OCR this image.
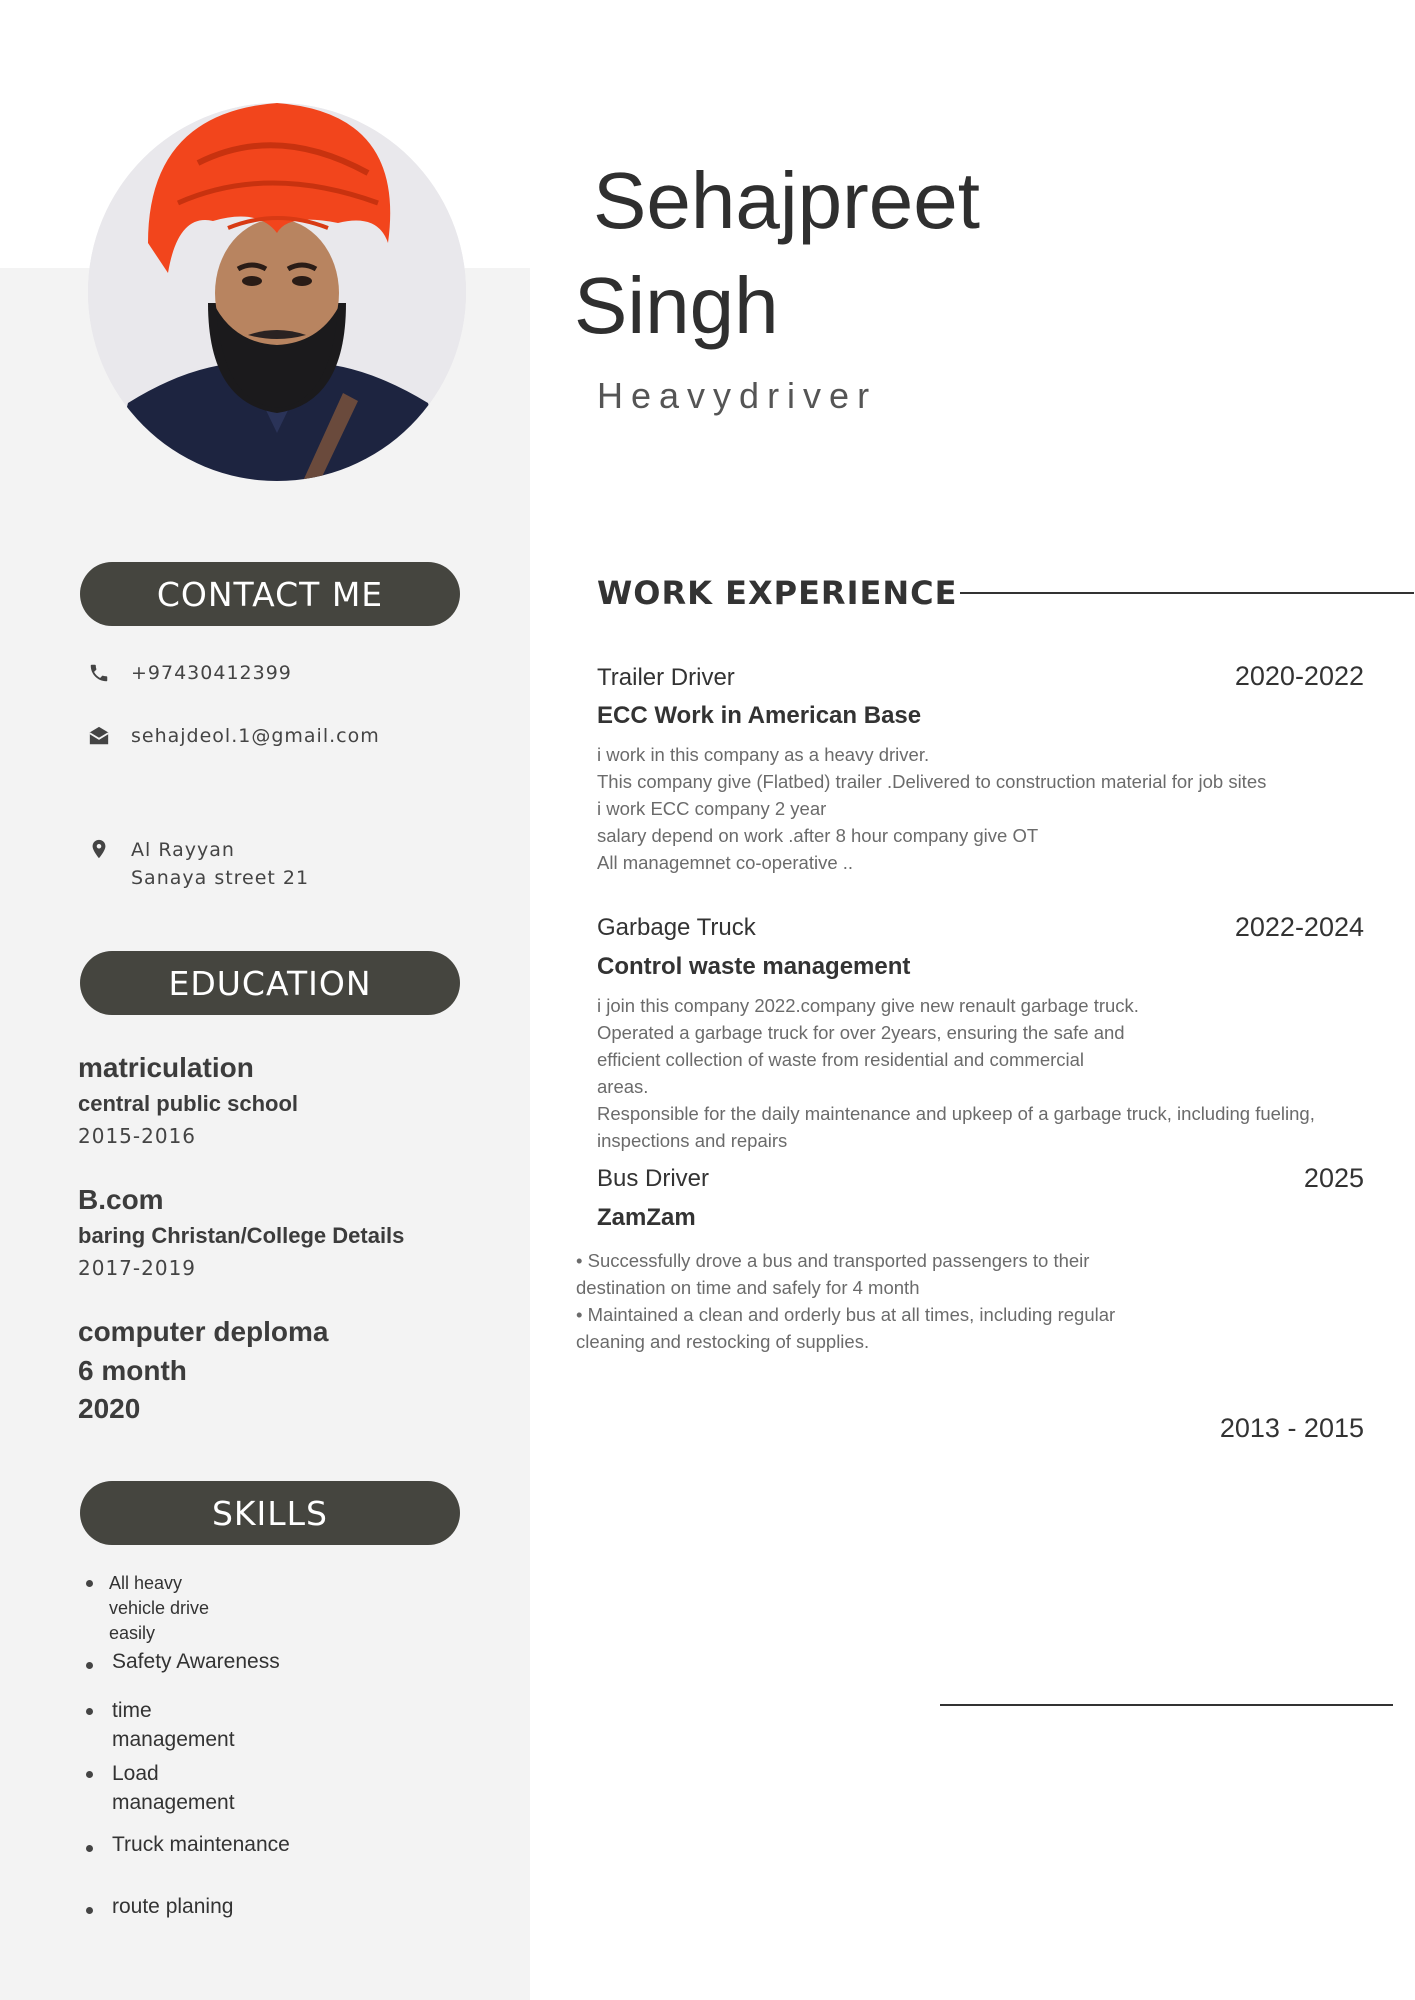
Sehajpreet
Singh
Heavydriver
CONTACT ME
+97430412399
sehajdeol.1@gmail.com
Al Rayyan
Sanaya street 21
EDUCATION
matriculation
central public school
2015-2016
B.com
baring Christan/College Details
2017-2019
computer deploma
6 month
2020
SKILLS
All heavy
vehicle drive
easily
Safety Awareness
time
management
Load
management
Truck maintenance
route planing
WORK EXPERIENCE
Trailer Driver	2020-2022
ECC Work in American Base
i work in this company as a heavy driver.
This company give (Flatbed) trailer .Delivered to construction material for job sites
i work ECC company 2 year
salary depend on work .after 8 hour company give OT
All managemnet co-operative ..
Garbage Truck	2022-2024
Control waste management
i join this company 2022.company give new renault garbage truck.
Operated a garbage truck for over 2years, ensuring the safe and
efficient collection of waste from residential and commercial
areas.
Responsible for the daily maintenance and upkeep of a garbage truck, including fueling,
inspections and repairs
Bus Driver	2025
ZamZam
• Successfully drove a bus and transported passengers to their
destination on time and safely for 4 month
• Maintained a clean and orderly bus at all times, including regular
cleaning and restocking of supplies.
2013 - 2015
